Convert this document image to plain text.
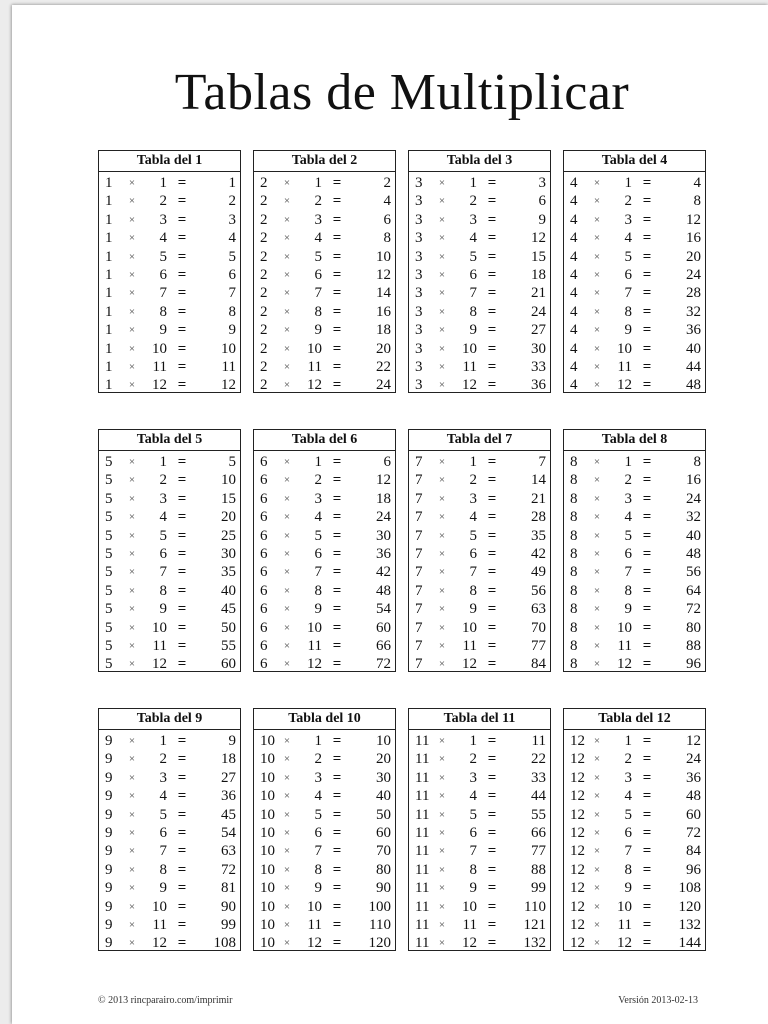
Tablas de Multiplicar
Tabla del 1
1	×	1 =	1
1	×	2 =	2
1	×	3 =	3
1	×	4 =	4
1	×	5 =	5
1	×	6 =	6
1	×	7 =	7
1	×	8 =	8
1	×	9 =	9
1	×	10 =	10
1	×	11 =	11
1	×	12 =	12
Tabla del 2
2	×	1 =	2
2	×	2 =	4
2	×	3 =	6
2	×	4 =	8
2	×	5 =	10
2	×	6 =	12
2	×	7 =	14
2	×	8 =	16
2	×	9 =	18
2	×	10 =	20
2	×	11 =	22
2	×	12 =	24
Tabla del 3
3	×	1 =	3
3	×	2 =	6
3	×	3 =	9
3	×	4 =	12
3	×	5 =	15
3	×	6 =	18
3	×	7 =	21
3	×	8 =	24
3	×	9 =	27
3	×	10 =	30
3	×	11 =	33
3	×	12 =	36
Tabla del 4
4	×	1 =	4
4	×	2 =	8
4	×	3 =	12
4	×	4 =	16
4	×	5 =	20
4	×	6 =	24
4	×	7 =	28
4	×	8 =	32
4	×	9 =	36
4	×	10 =	40
4	×	11 =	44
4	×	12 =	48
Tabla del 5
5	×	1 =	5
5	×	2 =	10
5	×	3 =	15
5	×	4 =	20
5	×	5 =	25
5	×	6 =	30
5	×	7 =	35
5	×	8 =	40
5	×	9 =	45
5	×	10 =	50
5	×	11 =	55
5	×	12 =	60
Tabla del 6
6	×	1 =	6
6	×	2 =	12
6	×	3 =	18
6	×	4 =	24
6	×	5 =	30
6	×	6 =	36
6	×	7 =	42
6	×	8 =	48
6	×	9 =	54
6	×	10 =	60
6	×	11 =	66
6	×	12 =	72
Tabla del 7
7	×	1 =	7
7	×	2 =	14
7	×	3 =	21
7	×	4 =	28
7	×	5 =	35
7	×	6 =	42
7	×	7 =	49
7	×	8 =	56
7	×	9 =	63
7	×	10 =	70
7	×	11 =	77
7	×	12 =	84
Tabla del 8
8	×	1 =	8
8	×	2 =	16
8	×	3 =	24
8	×	4 =	32
8	×	5 =	40
8	×	6 =	48
8	×	7 =	56
8	×	8 =	64
8	×	9 =	72
8	×	10 =	80
8	×	11 =	88
8	×	12 =	96
Tabla del 9
9	×	1 =	9
9	×	2 =	18
9	×	3 =	27
9	×	4 =	36
9	×	5 =	45
9	×	6 =	54
9	×	7 =	63
9	×	8 =	72
9	×	9 =	81
9	×	10 =	90
9	×	11 =	99
9	×	12 =	108
Tabla del 10
10 ×	1 =	10
10 ×	2 =	20
10 ×	3 =	30
10 ×	4 =	40
10 ×	5 =	50
10 ×	6 =	60
10 ×	7 =	70
10 ×	8 =	80
10 ×	9 =	90
10 ×	10 =	100
10 ×	11 =	110
10 ×	12 =	120
Tabla del 11
11 ×	1 =	11
11 ×	2 =	22
11 ×	3 =	33
11 ×	4 =	44
11 ×	5 =	55
11 ×	6 =	66
11 ×	7 =	77
11 ×	8 =	88
11 ×	9 =	99
11 ×	10 =	110
11 ×	11 =	121
11 ×	12 =	132
Tabla del 12
12 ×	1 =	12
12 ×	2 =	24
12 ×	3 =	36
12 ×	4 =	48
12 ×	5 =	60
12 ×	6 =	72
12 ×	7 =	84
12 ×	8 =	96
12 ×	9 =	108
12 ×	10 =	120
12 ×	11 =	132
12 ×	12 =	144
© 2013 rincparairo.com/imprimir	Versión 2013-02-13
